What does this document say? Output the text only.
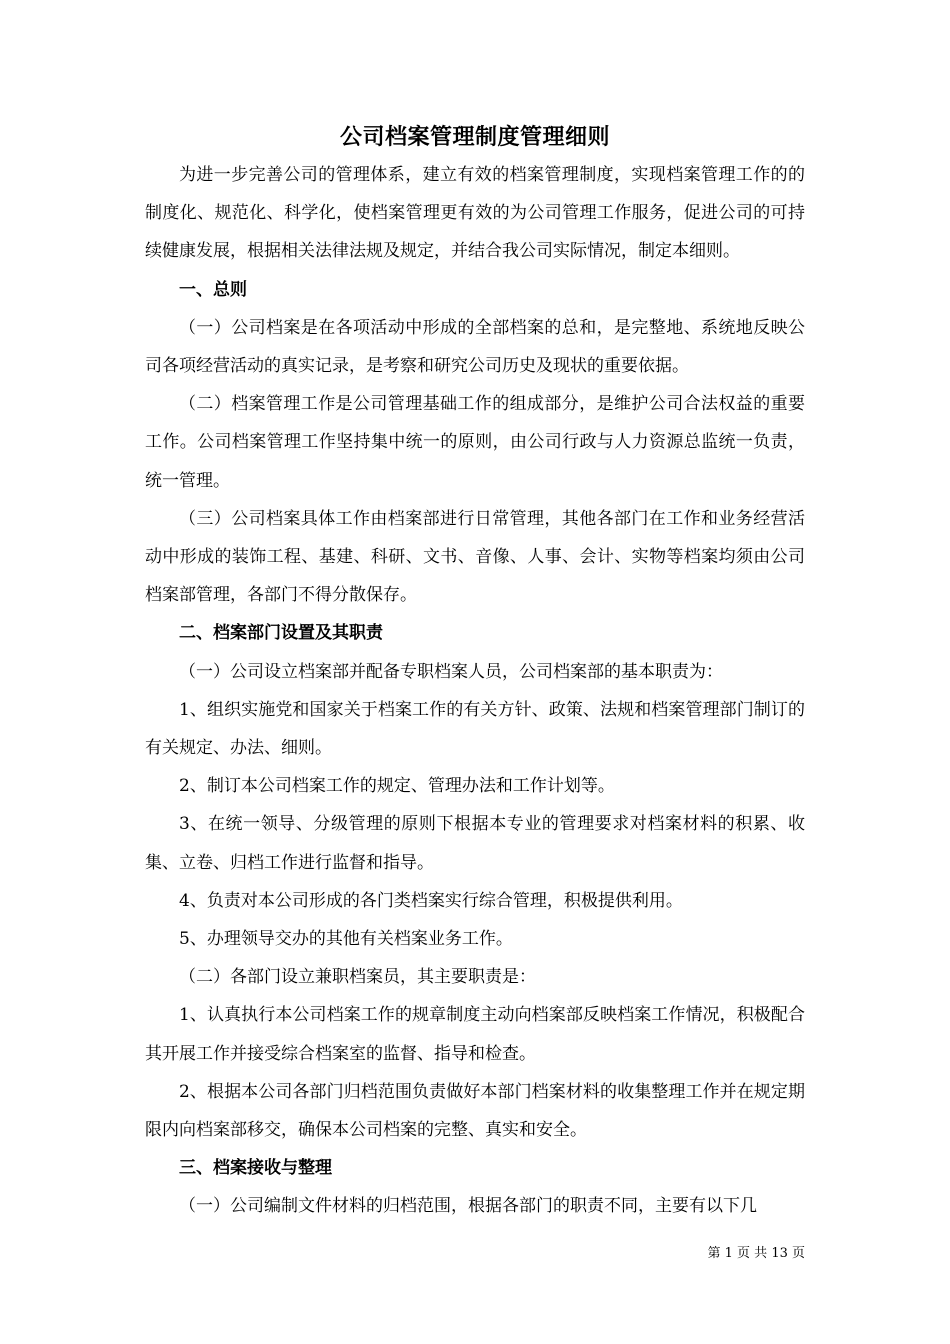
公司档案管理制度管理细则

为进一步完善公司的管理体系，建立有效的档案管理制度，实现档案管理工作的的制度化、规范化、科学化，使档案管理更有效的为公司管理工作服务，促进公司的可持续健康发展，根据相关法律法规及规定，并结合我公司实际情况，制定本细则。

一、总则

（一）公司档案是在各项活动中形成的全部档案的总和，是完整地、系统地反映公司各项经营活动的真实记录，是考察和研究公司历史及现状的重要依据。

（二）档案管理工作是公司管理基础工作的组成部分，是维护公司合法权益的重要工作。公司档案管理工作坚持集中统一的原则，由公司行政与人力资源总监统一负责，统一管理。

（三）公司档案具体工作由档案部进行日常管理，其他各部门在工作和业务经营活动中形成的装饰工程、基建、科研、文书、音像、人事、会计、实物等档案均须由公司档案部管理，各部门不得分散保存。

二、档案部门设置及其职责

（一）公司设立档案部并配备专职档案人员，公司档案部的基本职责为：

1、组织实施党和国家关于档案工作的有关方针、政策、法规和档案管理部门制订的有关规定、办法、细则。

2、制订本公司档案工作的规定、管理办法和工作计划等。

3、在统一领导、分级管理的原则下根据本专业的管理要求对档案材料的积累、收集、立卷、归档工作进行监督和指导。

4、负责对本公司形成的各门类档案实行综合管理，积极提供利用。

5、办理领导交办的其他有关档案业务工作。

（二）各部门设立兼职档案员，其主要职责是：

1、认真执行本公司档案工作的规章制度主动向档案部反映档案工作情况，积极配合其开展工作并接受综合档案室的监督、指导和检查。

2、根据本公司各部门归档范围负责做好本部门档案材料的收集整理工作并在规定期限内向档案部移交，确保本公司档案的完整、真实和安全。

三、档案接收与整理

（一）公司编制文件材料的归档范围，根据各部门的职责不同，主要有以下几

第 1 页 共 13 页
